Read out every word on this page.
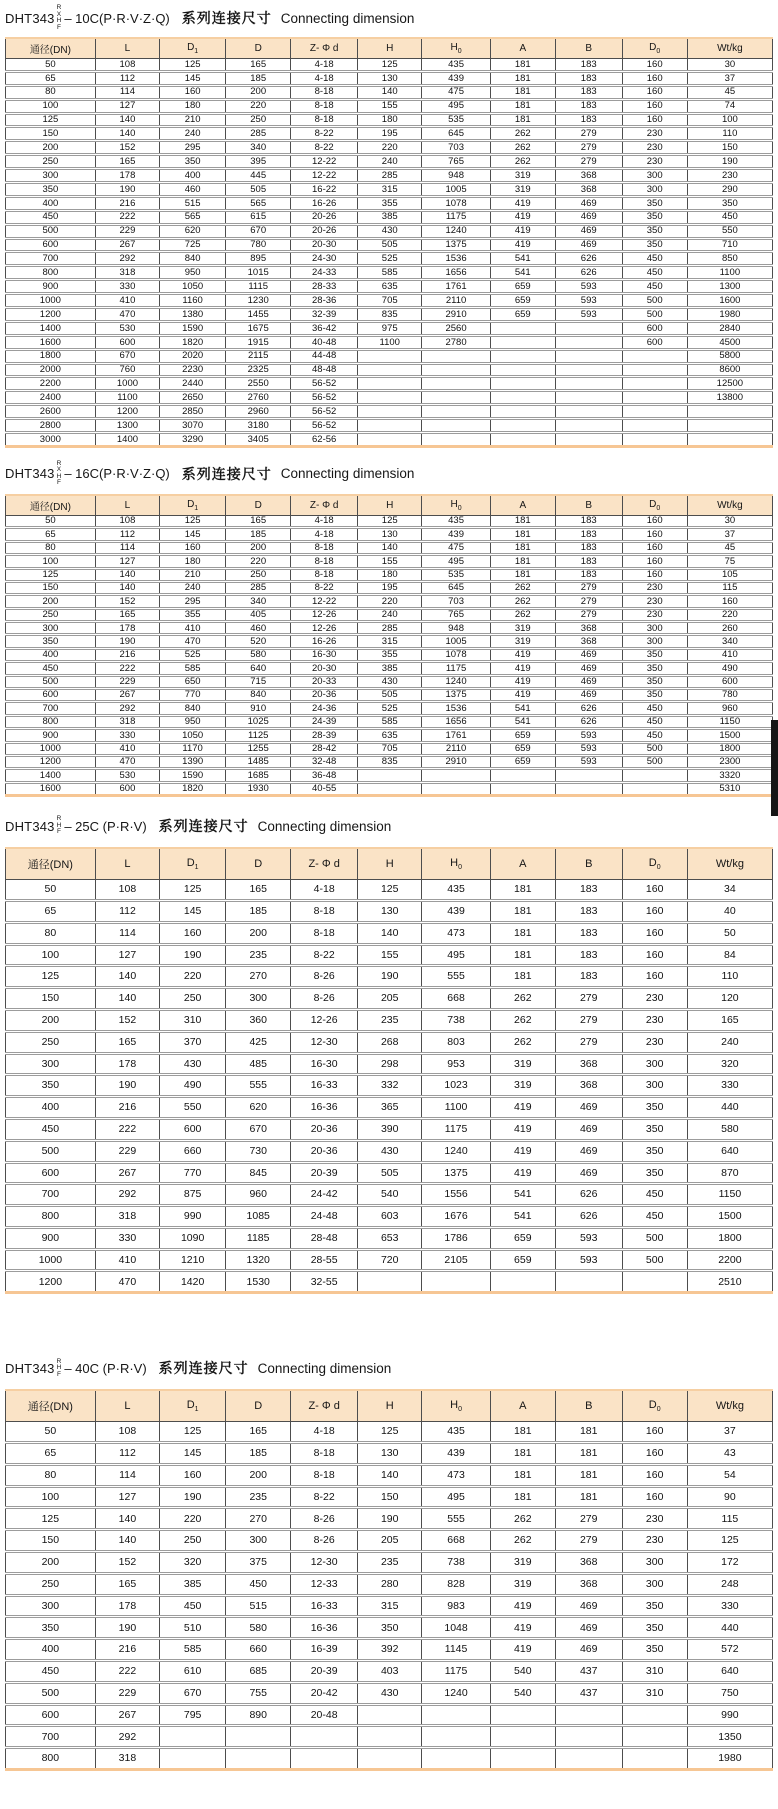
DHT343
R
X
H
F
– 10C(P·R·V·Z·Q) 系列连接尺寸 Connecting dimension
通径(DN)	L	$D_1$	D	Z- Φ d	H	$H_0$	A	B	$D_0$	Wt/kg
50	108	125	165	4-18	125	435	181	183	160	30
65	112	145	185	4-18	130	439	181	183	160	37
80	114	160	200	8-18	140	475	181	183	160	45
100	127	180	220	8-18	155	495	181	183	160	74
125	140	210	250	8-18	180	535	181	183	160	100
150	140	240	285	8-22	195	645	262	279	230	110
200	152	295	340	8-22	220	703	262	279	230	150
250	165	350	395	12-22	240	765	262	279	230	190
300	178	400	445	12-22	285	948	319	368	300	230
350	190	460	505	16-22	315	1005	319	368	300	290
400	216	515	565	16-26	355	1078	419	469	350	350
450	222	565	615	20-26	385	1175	419	469	350	450
500	229	620	670	20-26	430	1240	419	469	350	550
600	267	725	780	20-30	505	1375	419	469	350	710
700	292	840	895	24-30	525	1536	541	626	450	850
800	318	950	1015	24-33	585	1656	541	626	450	1100
900	330	1050	1115	28-33	635	1761	659	593	450	1300
1000	410	1160	1230	28-36	705	2110	659	593	500	1600
1200	470	1380	1455	32-39	835	2910	659	593	500	1980
1400	530	1590	1675	36-42	975	2560			600	2840
1600	600	1820	1915	40-48	1100	2780			600	4500
1800	670	2020	2115	44-48						5800
2000	760	2230	2325	48-48						8600
2200	1000	2440	2550	56-52						12500
2400	1100	2650	2760	56-52						13800
2600	1200	2850	2960	56-52						
2800	1300	3070	3180	56-52						
3000	1400	3290	3405	62-56						
DHT343
R
X
H
F
– 16C(P·R·V·Z·Q) 系列连接尺寸 Connecting dimension
通径(DN)	L	$D_1$	D	Z- Φ d	H	$H_0$	A	B	$D_0$	Wt/kg
50	108	125	165	4-18	125	435	181	183	160	30
65	112	145	185	4-18	130	439	181	183	160	37
80	114	160	200	8-18	140	475	181	183	160	45
100	127	180	220	8-18	155	495	181	183	160	75
125	140	210	250	8-18	180	535	181	183	160	105
150	140	240	285	8-22	195	645	262	279	230	115
200	152	295	340	12-22	220	703	262	279	230	160
250	165	355	405	12-26	240	765	262	279	230	220
300	178	410	460	12-26	285	948	319	368	300	260
350	190	470	520	16-26	315	1005	319	368	300	340
400	216	525	580	16-30	355	1078	419	469	350	410
450	222	585	640	20-30	385	1175	419	469	350	490
500	229	650	715	20-33	430	1240	419	469	350	600
600	267	770	840	20-36	505	1375	419	469	350	780
700	292	840	910	24-36	525	1536	541	626	450	960
800	318	950	1025	24-39	585	1656	541	626	450	1150
900	330	1050	1125	28-39	635	1761	659	593	450	1500
1000	410	1170	1255	28-42	705	2110	659	593	500	1800
1200	470	1390	1485	32-48	835	2910	659	593	500	2300
1400	530	1590	1685	36-48						3320
1600	600	1820	1930	40-55						5310
DHT343 R
H
F – 25C (P·R·V) 系列连接尺寸 Connecting dimension
通径(DN)	L	$D_1$	D	Z- Φ d	H	$H_0$	A	B	$D_0$	Wt/kg
50	108	125	165	4-18	125	435	181	183	160	34
65	112	145	185	8-18	130	439	181	183	160	40
80	114	160	200	8-18	140	473	181	183	160	50
100	127	190	235	8-22	155	495	181	183	160	84
125	140	220	270	8-26	190	555	181	183	160	110
150	140	250	300	8-26	205	668	262	279	230	120
200	152	310	360	12-26	235	738	262	279	230	165
250	165	370	425	12-30	268	803	262	279	230	240
300	178	430	485	16-30	298	953	319	368	300	320
350	190	490	555	16-33	332	1023	319	368	300	330
400	216	550	620	16-36	365	1100	419	469	350	440
450	222	600	670	20-36	390	1175	419	469	350	580
500	229	660	730	20-36	430	1240	419	469	350	640
600	267	770	845	20-39	505	1375	419	469	350	870
700	292	875	960	24-42	540	1556	541	626	450	1150
800	318	990	1085	24-48	603	1676	541	626	450	1500
900	330	1090	1185	28-48	653	1786	659	593	500	1800
1000	410	1210	1320	28-55	720	2105	659	593	500	2200
1200	470	1420	1530	32-55						2510
DHT343 R
H
F – 40C (P·R·V) 系列连接尺寸 Connecting dimension
通径(DN)	L	$D_1$	D	Z- Φ d	H	$H_0$	A	B	$D_0$	Wt/kg
50	108	125	165	4-18	125	435	181	181	160	37
65	112	145	185	8-18	130	439	181	181	160	43
80	114	160	200	8-18	140	473	181	181	160	54
100	127	190	235	8-22	150	495	181	181	160	90
125	140	220	270	8-26	190	555	262	279	230	115
150	140	250	300	8-26	205	668	262	279	230	125
200	152	320	375	12-30	235	738	319	368	300	172
250	165	385	450	12-33	280	828	319	368	300	248
300	178	450	515	16-33	315	983	419	469	350	330
350	190	510	580	16-36	350	1048	419	469	350	440
400	216	585	660	16-39	392	1145	419	469	350	572
450	222	610	685	20-39	403	1175	540	437	310	640
500	229	670	755	20-42	430	1240	540	437	310	750
600	267	795	890	20-48						990
700	292									1350
800	318									1980
